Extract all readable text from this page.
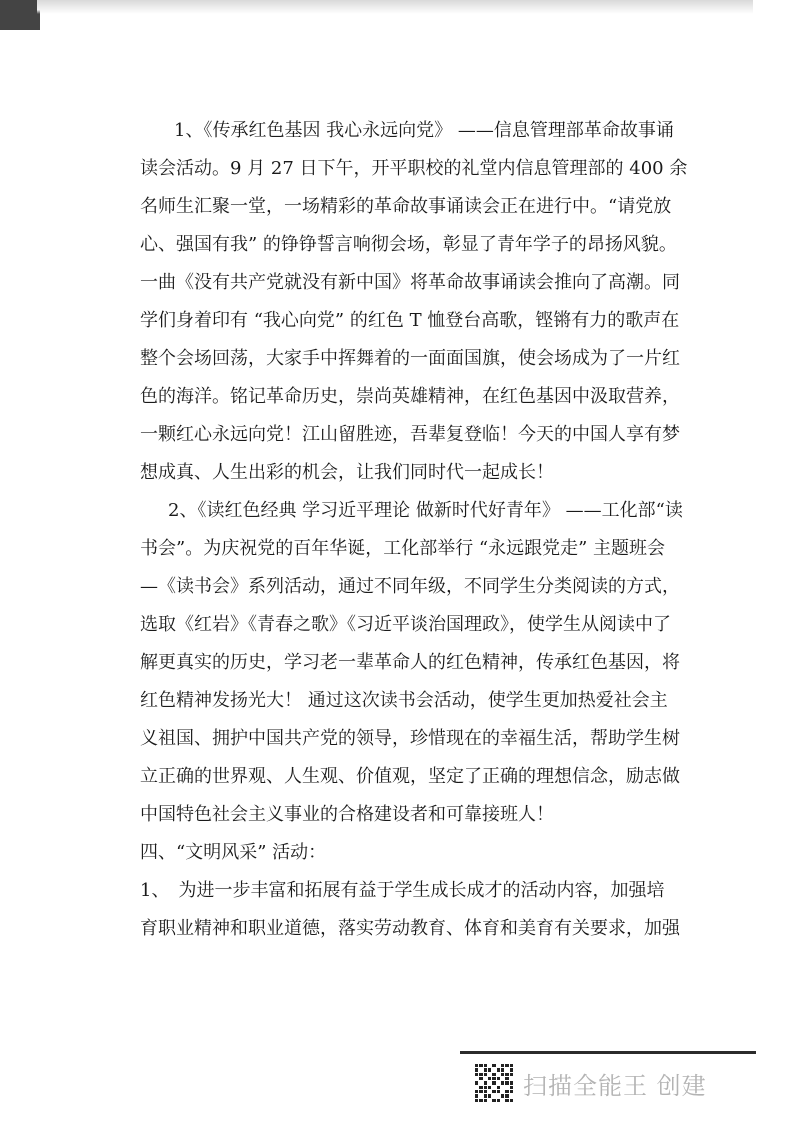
1、《传承红色基因 我心永远向党》 ——信息管理部革命故事诵
读会活动。9 月 27 日下午，开平职校的礼堂内信息管理部的 400 余
名师生汇聚一堂，一场精彩的革命故事诵读会正在进行中。“请党放
心、强国有我” 的铮铮誓言响彻会场，彰显了青年学子的昂扬风貌。
一曲《没有共产党就没有新中国》将革命故事诵读会推向了高潮。同
学们身着印有 “我心向党” 的红色 T 恤登台高歌，铿锵有力的歌声在
整个会场回荡，大家手中挥舞着的一面面国旗，使会场成为了一片红
色的海洋。铭记革命历史，崇尚英雄精神，在红色基因中汲取营养，
一颗红心永远向党！江山留胜迹，吾辈复登临！今天的中国人享有梦
想成真、人生出彩的机会，让我们同时代一起成长！
2、《读红色经典 学习近平理论 做新时代好青年》 ——工化部“读
书会”。为庆祝党的百年华诞，工化部举行 “永远跟党走” 主题班会
—《读书会》系列活动，通过不同年级，不同学生分类阅读的方式，
选取《红岩》《青春之歌》《习近平谈治国理政》，使学生从阅读中了
解更真实的历史，学习老一辈革命人的红色精神，传承红色基因，将
红色精神发扬光大！ 通过这次读书会活动，使学生更加热爱社会主
义祖国、拥护中国共产党的领导，珍惜现在的幸福生活，帮助学生树
立正确的世界观、人生观、价值观，坚定了正确的理想信念，励志做
中国特色社会主义事业的合格建设者和可靠接班人！
四、“文明风采” 活动：
1、　为进一步丰富和拓展有益于学生成长成才的活动内容，加强培
育职业精神和职业道德，落实劳动教育、体育和美育有关要求，加强
扫描全能王 创建
